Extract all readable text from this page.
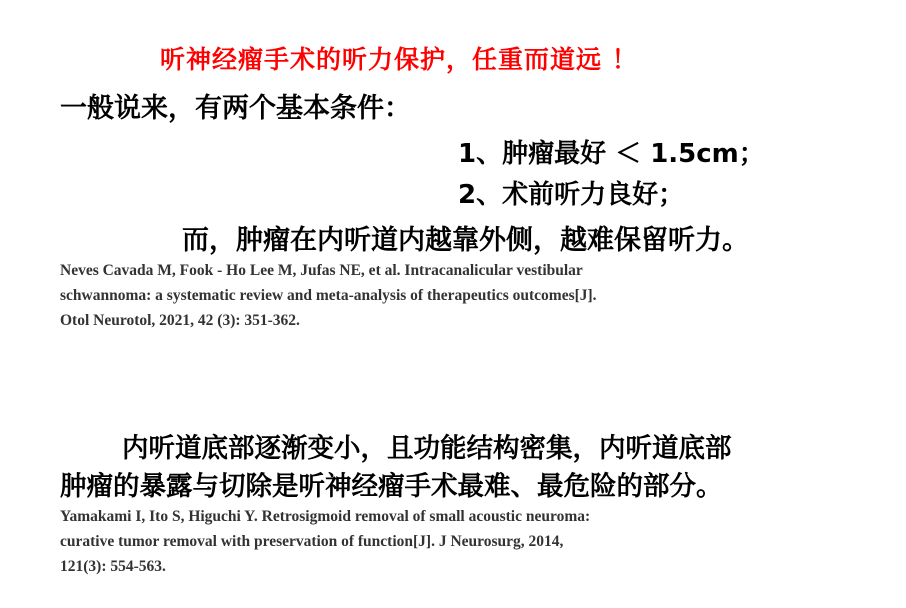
听神经瘤手术的听力保护，任重而道远 ！

一般说来，有两个基本条件：

1、肿瘤最好 ＜ 1.5cm；

2、术前听力良好；

而，肿瘤在内听道内越靠外侧，越难保留听力。

Neves Cavada M, Fook - Ho Lee M, Jufas NE, et al. Intracanalicular vestibular

schwannoma: a systematic review and meta-analysis of therapeutics outcomes[J].

Otol Neurotol, 2021, 42 (3): 351-362.

内听道底部逐渐变小，且功能结构密集，内听道底部

肿瘤的暴露与切除是听神经瘤手术最难、最危险的部分。

Yamakami I, Ito S, Higuchi Y. Retrosigmoid removal of small acoustic neuroma:

curative tumor removal with preservation of function[J]. J Neurosurg, 2014,

121(3): 554-563.
